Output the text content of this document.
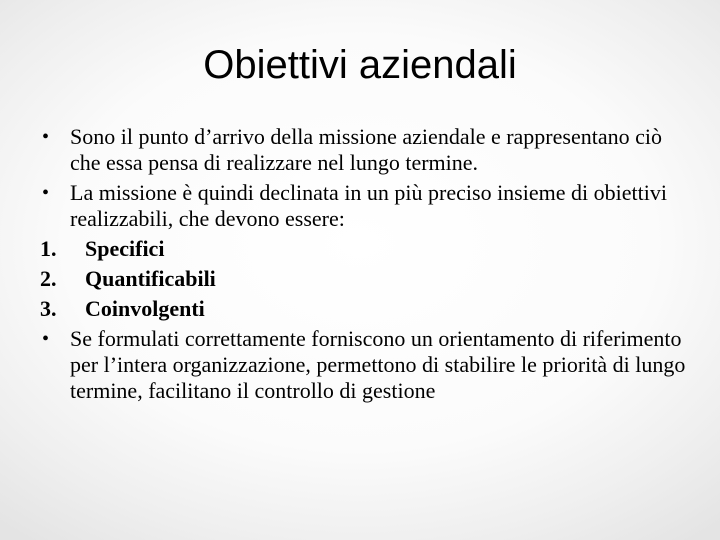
Obiettivi aziendali
• Sono il punto d’arrivo della missione aziendale e rappresentano ciò che essa pensa di realizzare nel lungo termine.
• La missione è quindi declinata in un più preciso insieme di obiettivi realizzabili, che devono essere:
1.	Specifici
2.	Quantificabili
3.	Coinvolgenti
• Se formulati correttamente forniscono un orientamento di riferimento per l’intera organizzazione, permettono di stabilire le priorità di lungo termine, facilitano il controllo di gestione
